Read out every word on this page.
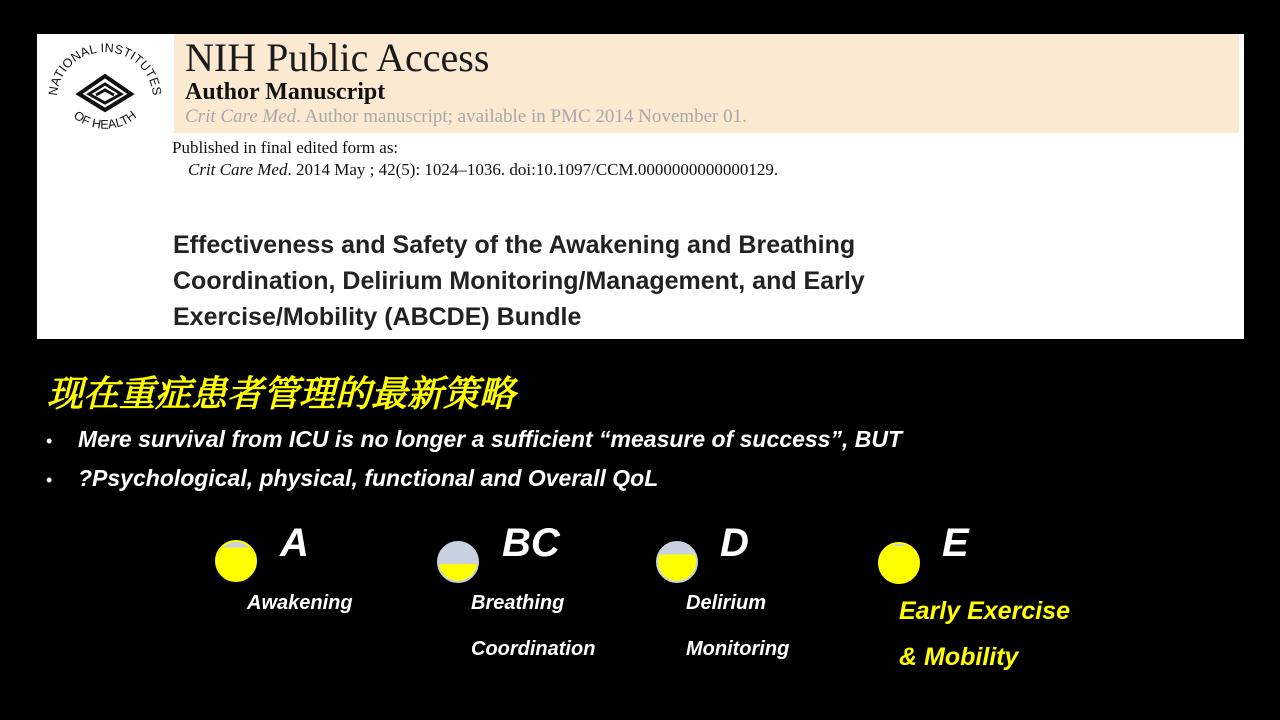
NATIONAL INSTITUTES
OF HEALTH
NIH Public Access
Author Manuscript
Crit Care Med. Author manuscript; available in PMC 2014 November 01.
Published in final edited form as:
Crit Care Med. 2014 May ; 42(5): 1024–1036. doi:10.1097/CCM.0000000000000129.
Effectiveness and Safety of the Awakening and Breathing
Coordination, Delirium Monitoring/Management, and Early
Exercise/Mobility (ABCDE) Bundle
现在重症患者管理的最新策略
• Mere survival from ICU is no longer a sufficient “measure of success”, BUT
• ?Psychological, physical, functional and Overall QoL
A
Awakening
BC
Breathing
Coordination
D
Delirium
Monitoring
E
Early Exercise
& Mobility
